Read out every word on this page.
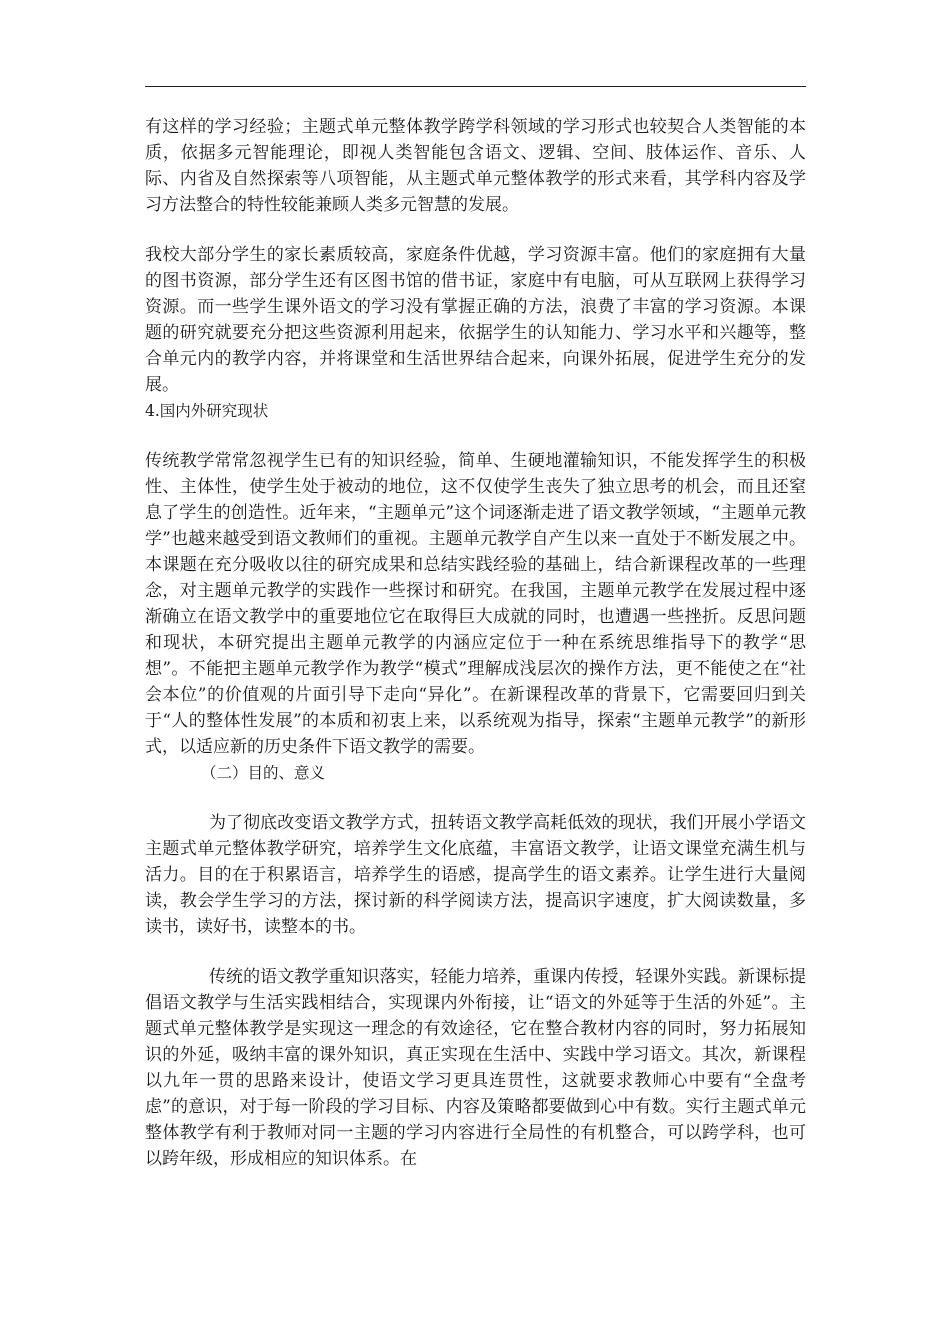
有这样的学习经验；主题式单元整体教学跨学科领域的学习形式也较契合人类智能的本质，依据多元智能理论，即视人类智能包含语文、逻辑、空间、肢体运作、音乐、人际、内省及自然探索等八项智能，从主题式单元整体教学的形式来看，其学科内容及学习方法整合的特性较能兼顾人类多元智慧的发展。

我校大部分学生的家长素质较高，家庭条件优越，学习资源丰富。他们的家庭拥有大量的图书资源，部分学生还有区图书馆的借书证，家庭中有电脑，可从互联网上获得学习资源。而一些学生课外语文的学习没有掌握正确的方法，浪费了丰富的学习资源。本课题的研究就要充分把这些资源利用起来，依据学生的认知能力、学习水平和兴趣等，整合单元内的教学内容，并将课堂和生活世界结合起来，向课外拓展，促进学生充分的发展。

4.国内外研究现状

传统教学常常忽视学生已有的知识经验，简单、生硬地灌输知识，不能发挥学生的积极性、主体性，使学生处于被动的地位，这不仅使学生丧失了独立思考的机会，而且还窒息了学生的创造性。近年来，“主题单元”这个词逐渐走进了语文教学领域，“主题单元教学”也越来越受到语文教师们的重视。主题单元教学自产生以来一直处于不断发展之中。本课题在充分吸收以往的研究成果和总结实践经验的基础上，结合新课程改革的一些理念，对主题单元教学的实践作一些探讨和研究。在我国，主题单元教学在发展过程中逐渐确立在语文教学中的重要地位它在取得巨大成就的同时，也遭遇一些挫折。反思问题和现状，本研究提出主题单元教学的内涵应定位于一种在系统思维指导下的教学“思想”。不能把主题单元教学作为教学“模式”理解成浅层次的操作方法，更不能使之在“社会本位”的价值观的片面引导下走向“异化”。在新课程改革的背景下，它需要回归到关于“人的整体性发展”的本质和初衷上来，以系统观为指导，探索“主题单元教学”的新形式，以适应新的历史条件下语文教学的需要。

（二）目的、意义

为了彻底改变语文教学方式，扭转语文教学高耗低效的现状，我们开展小学语文主题式单元整体教学研究，培养学生文化底蕴，丰富语文教学，让语文课堂充满生机与活力。目的在于积累语言，培养学生的语感，提高学生的语文素养。让学生进行大量阅读，教会学生学习的方法，探讨新的科学阅读方法，提高识字速度，扩大阅读数量，多读书，读好书，读整本的书。

传统的语文教学重知识落实，轻能力培养，重课内传授，轻课外实践。新课标提倡语文教学与生活实践相结合，实现课内外衔接，让“语文的外延等于生活的外延”。主题式单元整体教学是实现这一理念的有效途径，它在整合教材内容的同时，努力拓展知识的外延，吸纳丰富的课外知识，真正实现在生活中、实践中学习语文。其次，新课程以九年一贯的思路来设计，使语文学习更具连贯性，这就要求教师心中要有“全盘考虑”的意识，对于每一阶段的学习目标、内容及策略都要做到心中有数。实行主题式单元整体教学有利于教师对同一主题的学习内容进行全局性的有机整合，可以跨学科，也可以跨年级，形成相应的知识体系。在
